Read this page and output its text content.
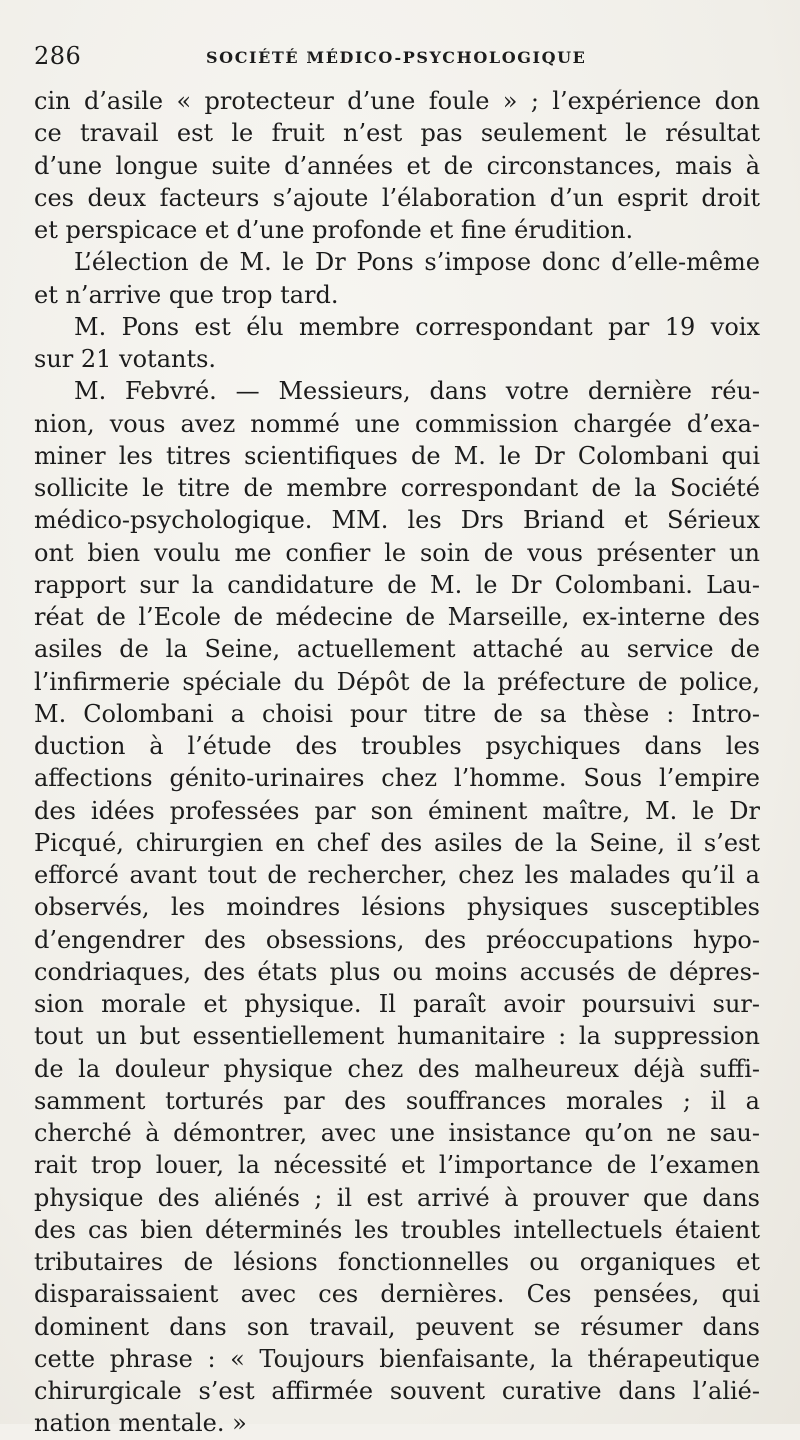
286	SOCIÉTÉ MÉDICO-PSYCHOLOGIQUE
cin d’asile « protecteur d’une foule » ; l’expérience don
ce travail est le fruit n’est pas seulement le résultat
d’une longue suite d’années et de circonstances, mais à
ces deux facteurs s’ajoute l’élaboration d’un esprit droit
et perspicace et d’une profonde et fine érudition.
L’élection de M. le Dr Pons s’impose donc d’elle-même
et n’arrive que trop tard.
M. Pons est élu membre correspondant par 19 voix
sur 21 votants.
M. Febvré. — Messieurs, dans votre dernière réu-
nion, vous avez nommé une commission chargée d’exa-
miner les titres scientifiques de M. le Dr Colombani qui
sollicite le titre de membre correspondant de la Société
médico-psychologique. MM. les Drs Briand et Sérieux
ont bien voulu me confier le soin de vous présenter un
rapport sur la candidature de M. le Dr Colombani. Lau-
réat de l’Ecole de médecine de Marseille, ex-interne des
asiles de la Seine, actuellement attaché au service de
l’infirmerie spéciale du Dépôt de la préfecture de police,
M. Colombani a choisi pour titre de sa thèse : Intro-
duction à l’étude des troubles psychiques dans les
affections génito-urinaires chez l’homme. Sous l’empire
des idées professées par son éminent maître, M. le Dr
Picqué, chirurgien en chef des asiles de la Seine, il s’est
efforcé avant tout de rechercher, chez les malades qu’il a
observés, les moindres lésions physiques susceptibles
d’engendrer des obsessions, des préoccupations hypo-
condriaques, des états plus ou moins accusés de dépres-
sion morale et physique. Il paraît avoir poursuivi sur-
tout un but essentiellement humanitaire : la suppression
de la douleur physique chez des malheureux déjà suffi-
samment torturés par des souffrances morales ; il a
cherché à démontrer, avec une insistance qu’on ne sau-
rait trop louer, la nécessité et l’importance de l’examen
physique des aliénés ; il est arrivé à prouver que dans
des cas bien déterminés les troubles intellectuels étaient
tributaires de lésions fonctionnelles ou organiques et
disparaissaient avec ces dernières. Ces pensées, qui
dominent dans son travail, peuvent se résumer dans
cette phrase : « Toujours bienfaisante, la thérapeutique
chirurgicale s’est affirmée souvent curative dans l’alié-
nation mentale. »
